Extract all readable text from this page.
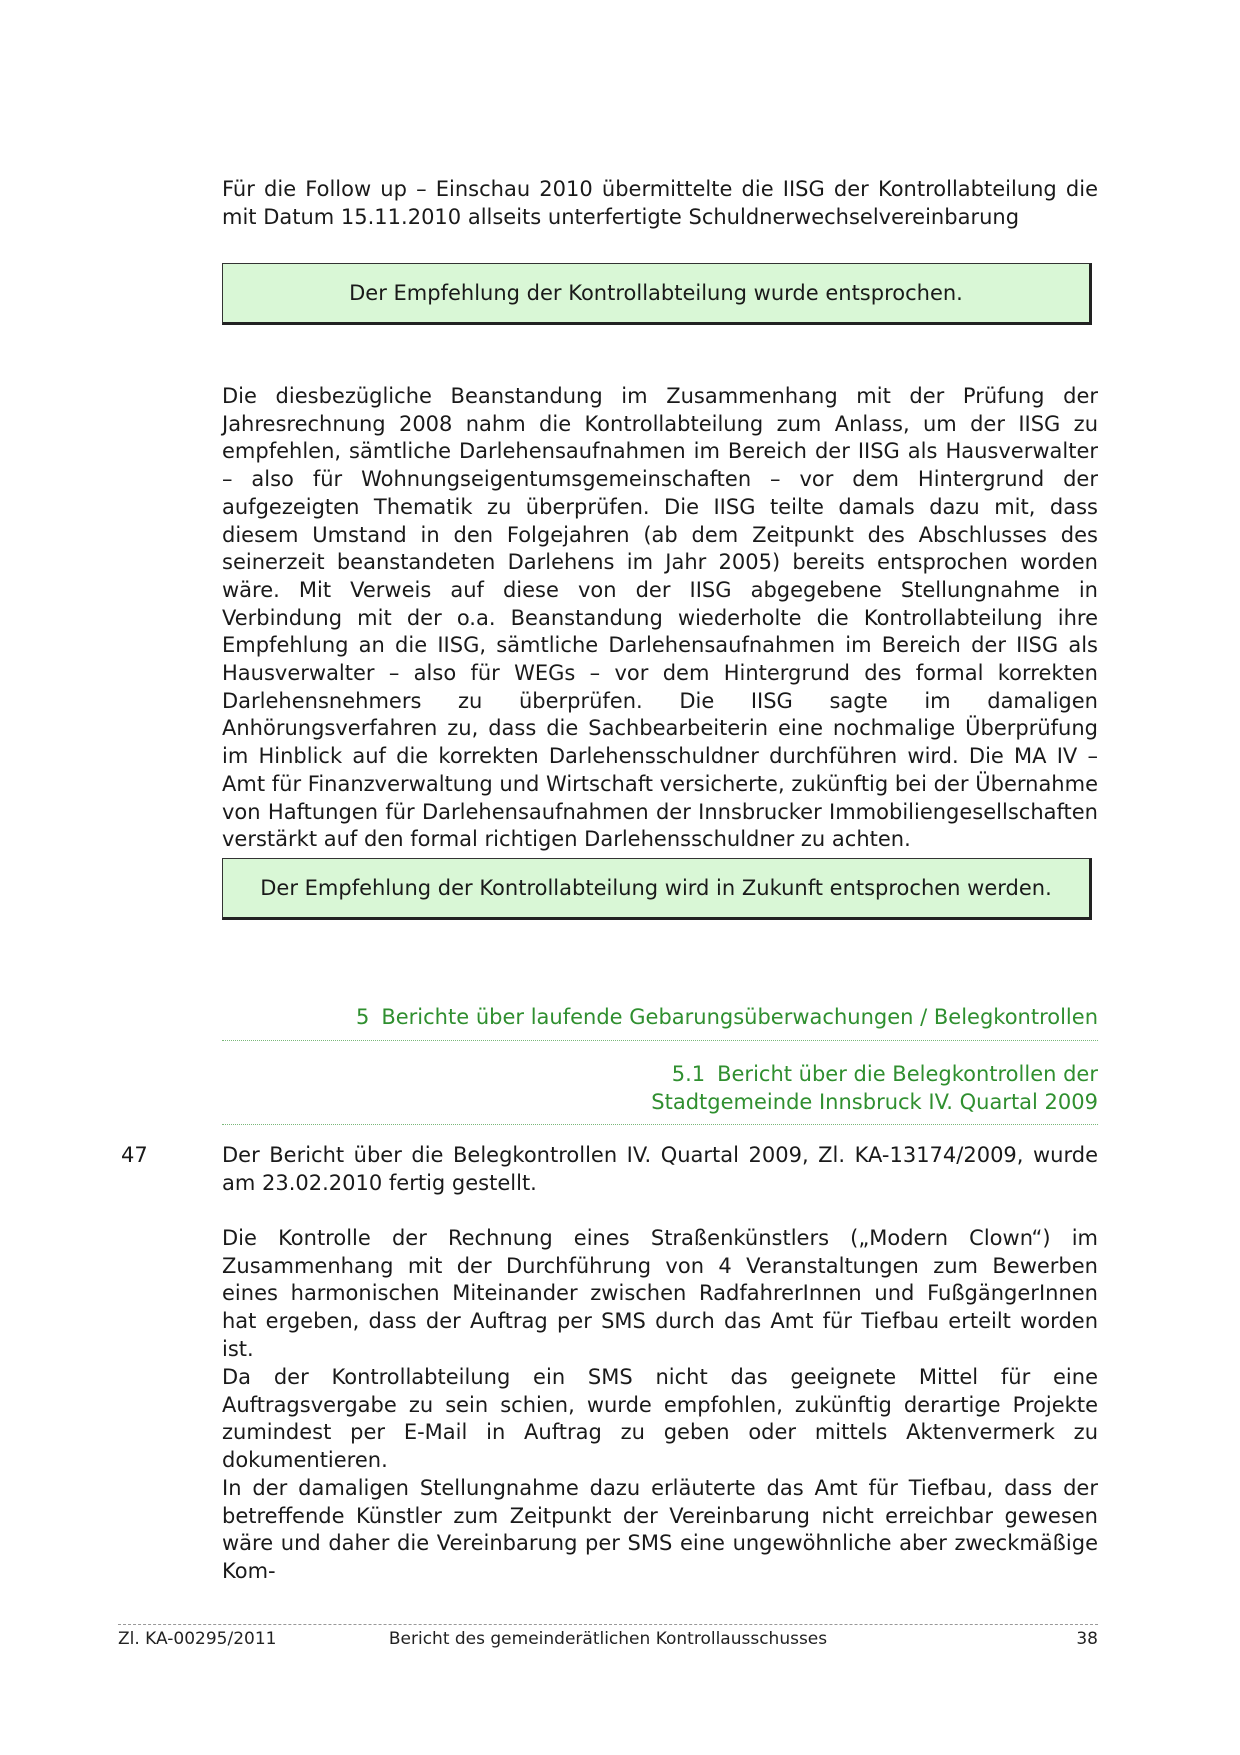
Für die Follow up – Einschau 2010 übermittelte die IISG der Kontrollabteilung die mit Datum 15.11.2010 allseits unterfertigte Schuldnerwechselvereinbarung

Der Empfehlung der Kontrollabteilung wurde entsprochen.

Die diesbezügliche Beanstandung im Zusammenhang mit der Prüfung der Jahresrechnung 2008 nahm die Kontrollabteilung zum Anlass, um der IISG zu empfehlen, sämtliche Darlehensaufnahmen im Bereich der IISG als Hausverwalter – also für Wohnungseigentumsgemeinschaften – vor dem Hintergrund der aufgezeigten Thematik zu überprüfen. Die IISG teilte damals dazu mit, dass diesem Umstand in den Folgejahren (ab dem Zeitpunkt des Abschlusses des seinerzeit beanstandeten Darlehens im Jahr 2005) bereits entsprochen worden wäre. Mit Verweis auf diese von der IISG abgegebene Stellungnahme in Verbindung mit der o.a. Beanstandung wiederholte die Kontrollabteilung ihre Empfehlung an die IISG, sämtliche Darlehensaufnahmen im Bereich der IISG als Hausverwalter – also für WEGs – vor dem Hintergrund des formal korrekten Darlehensnehmers zu überprüfen. Die IISG sagte im damaligen Anhörungsverfahren zu, dass die Sachbearbeiterin eine nochmalige Überprüfung im Hinblick auf die korrekten Darlehensschuldner durchführen wird. Die MA IV – Amt für Finanzverwaltung und Wirtschaft versicherte, zukünftig bei der Übernahme von Haftungen für Darlehensaufnahmen der Innsbrucker Immobiliengesellschaften verstärkt auf den formal richtigen Darlehensschuldner zu achten.

Der Empfehlung der Kontrollabteilung wird in Zukunft entsprochen werden.
5 Berichte über laufende Gebarungsüberwachungen / Belegkontrollen
5.1 Bericht über die Belegkontrollen der
Stadtgemeinde Innsbruck IV. Quartal 2009
47	Der Bericht über die Belegkontrollen IV. Quartal 2009, Zl. KA-13174/2009, wurde am 23.02.2010 fertig gestellt.

Die Kontrolle der Rechnung eines Straßenkünstlers („Modern Clown“) im Zusammenhang mit der Durchführung von 4 Veranstaltungen zum Bewerben eines harmonischen Miteinander zwischen RadfahrerInnen und FußgängerInnen hat ergeben, dass der Auftrag per SMS durch das Amt für Tiefbau erteilt worden ist.

Da der Kontrollabteilung ein SMS nicht das geeignete Mittel für eine Auftragsvergabe zu sein schien, wurde empfohlen, zukünftig derartige Projekte zumindest per E-Mail in Auftrag zu geben oder mittels Aktenvermerk zu dokumentieren.

In der damaligen Stellungnahme dazu erläuterte das Amt für Tiefbau, dass der betreffende Künstler zum Zeitpunkt der Vereinbarung nicht erreichbar gewesen wäre und daher die Vereinbarung per SMS eine ungewöhnliche aber zweckmäßige Kom-

Zl. KA-00295/2011	Bericht des gemeinderätlichen Kontrollausschusses	38
